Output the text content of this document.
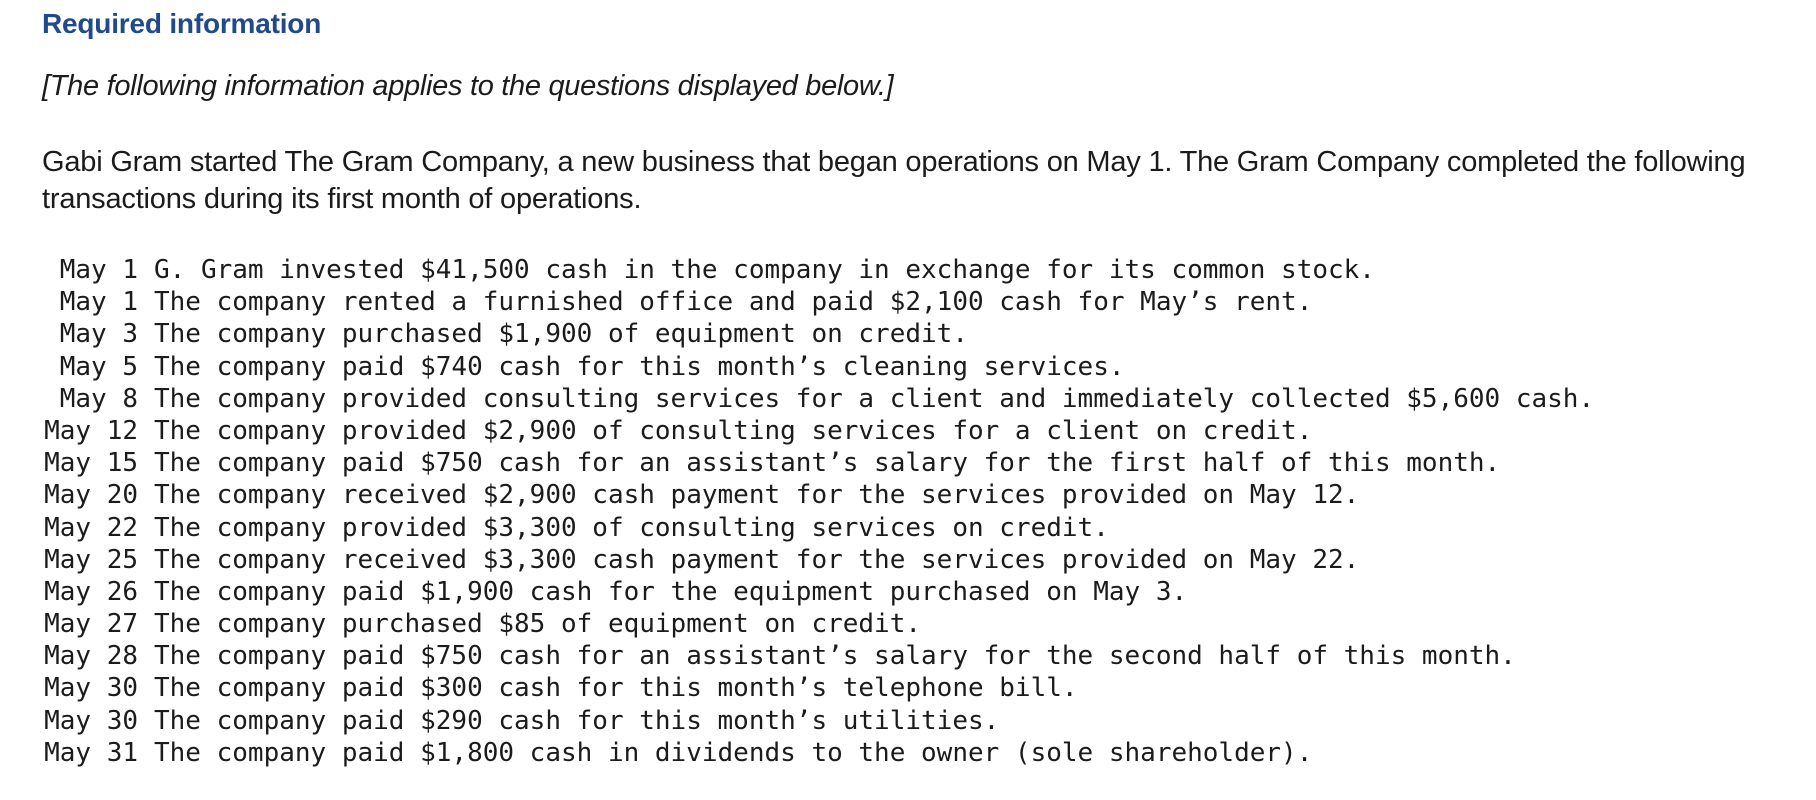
Required information
[The following information applies to the questions displayed below.]
Gabi Gram started The Gram Company, a new business that began operations on May 1. The Gram Company completed the following transactions during its first month of operations.
May 1 G. Gram invested $41,500 cash in the company in exchange for its common stock.
May 1 The company rented a furnished office and paid $2,100 cash for May’s rent.
May 3 The company purchased $1,900 of equipment on credit.
May 5 The company paid $740 cash for this month’s cleaning services.
May 8 The company provided consulting services for a client and immediately collected $5,600 cash.
May 12 The company provided $2,900 of consulting services for a client on credit.
May 15 The company paid $750 cash for an assistant’s salary for the first half of this month.
May 20 The company received $2,900 cash payment for the services provided on May 12.
May 22 The company provided $3,300 of consulting services on credit.
May 25 The company received $3,300 cash payment for the services provided on May 22.
May 26 The company paid $1,900 cash for the equipment purchased on May 3.
May 27 The company purchased $85 of equipment on credit.
May 28 The company paid $750 cash for an assistant’s salary for the second half of this month.
May 30 The company paid $300 cash for this month’s telephone bill.
May 30 The company paid $290 cash for this month’s utilities.
May 31 The company paid $1,800 cash in dividends to the owner (sole shareholder).
